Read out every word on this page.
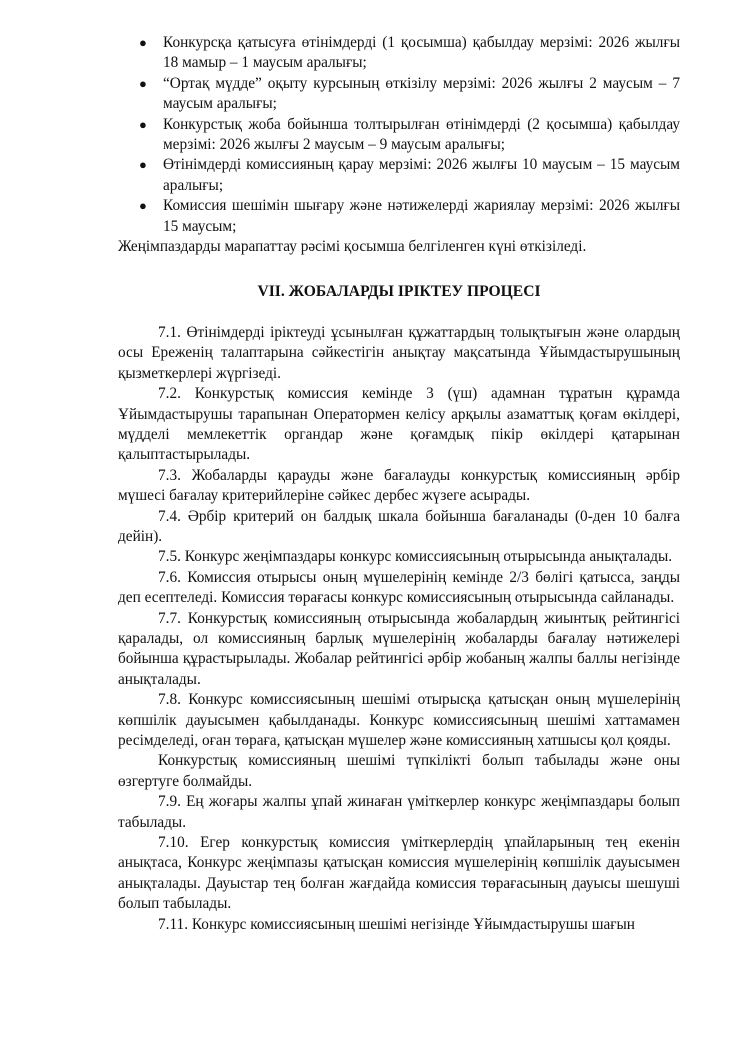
● Конкурсқа қатысуға өтінімдерді (1 қосымша) қабылдау мерзімі: 2026 жылғы 18 мамыр – 1 маусым аралығы;
● “Ортақ мүдде” оқыту курсының өткізілу мерзімі: 2026 жылғы 2 маусым – 7 маусым аралығы;
● Конкурстық жоба бойынша толтырылған өтінімдерді (2 қосымша) қабылдау мерзімі: 2026 жылғы 2 маусым – 9 маусым аралығы;
● Өтінімдерді комиссияның қарау мерзімі: 2026 жылғы 10 маусым – 15 маусым аралығы;
● Комиссия шешімін шығару және нәтижелерді жариялау мерзімі: 2026 жылғы 15 маусым;

Жеңімпаздарды марапаттау рәсімі қосымша белгіленген күні өткізіледі.

VII. ЖОБАЛАРДЫ ІРІКТЕУ ПРОЦЕСІ

7.1. Өтінімдерді іріктеуді ұсынылған құжаттардың толықтығын және олардың осы Ереженің талаптарына сәйкестігін анықтау мақсатында Ұйымдастырушының қызметкерлері жүргізеді.

7.2. Конкурстық комиссия кемінде 3 (үш) адамнан тұратын құрамда Ұйымдастырушы тарапынан Оператормен келісу арқылы азаматтық қоғам өкілдері, мүдделі мемлекеттік органдар және қоғамдық пікір өкілдері қатарынан қалыптастырылады.

7.3. Жобаларды қарауды және бағалауды конкурстық комиссияның әрбір мүшесі бағалау критерийлеріне сәйкес дербес жүзеге асырады.

7.4. Әрбір критерий он балдық шкала бойынша бағаланады (0-ден 10 балға дейін).

7.5. Конкурс жеңімпаздары конкурс комиссиясының отырысында анықталады.

7.6. Комиссия отырысы оның мүшелерінің кемінде 2/3 бөлігі қатысса, заңды деп есептеледі. Комиссия төрағасы конкурс комиссиясының отырысында сайланады.

7.7. Конкурстық комиссияның отырысында жобалардың жиынтық рейтингісі қаралады, ол комиссияның барлық мүшелерінің жобаларды бағалау нәтижелері бойынша құрастырылады. Жобалар рейтингісі әрбір жобаның жалпы баллы негізінде анықталады.

7.8. Конкурс комиссиясының шешімі отырысқа қатысқан оның мүшелерінің көпшілік дауысымен қабылданады. Конкурс комиссиясының шешімі хаттамамен ресімделеді, оған төраға, қатысқан мүшелер және комиссияның хатшысы қол қояды.

Конкурстық комиссияның шешімі түпкілікті болып табылады және оны өзгертуге болмайды.

7.9. Ең жоғары жалпы ұпай жинаған үміткерлер конкурс жеңімпаздары болып табылады.

7.10. Егер конкурстық комиссия үміткерлердің ұпайларының тең екенін анықтаса, Конкурс жеңімпазы қатысқан комиссия мүшелерінің көпшілік дауысымен анықталады. Дауыстар тең болған жағдайда комиссия төрағасының дауысы шешуші болып табылады.

7.11. Конкурс комиссиясының шешімі негізінде Ұйымдастырушы шағын
